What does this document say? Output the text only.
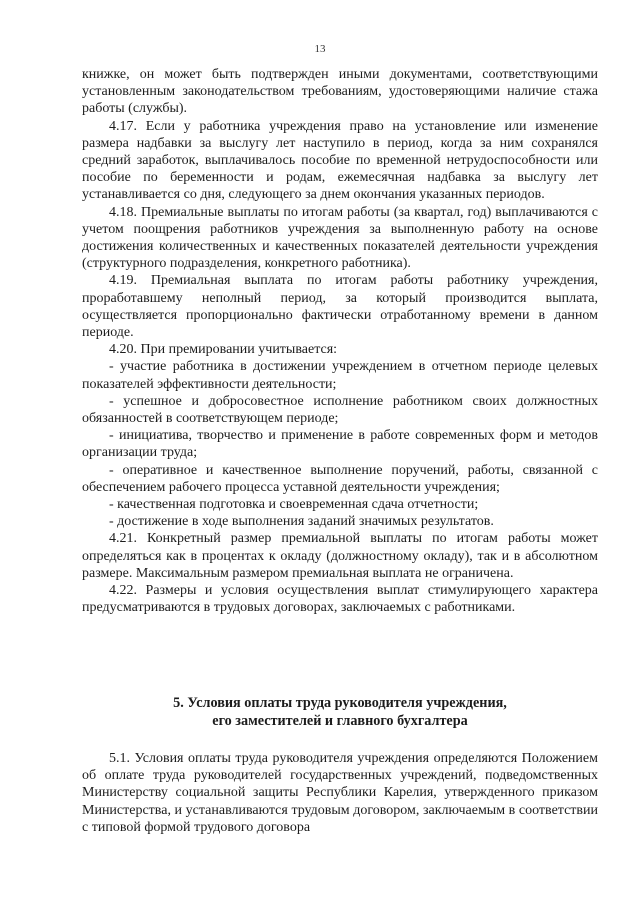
13

книжке, он может быть подтвержден иными документами, соответствующими установленным законодательством требованиям, удостоверяющими наличие стажа работы (службы).

4.17. Если у работника учреждения право на установление или изменение размера надбавки за выслугу лет наступило в период, когда за ним сохранялся средний заработок, выплачивалось пособие по временной нетрудоспособности или пособие по беременности и родам, ежемесячная надбавка за выслугу лет устанавливается со дня, следующего за днем окончания указанных периодов.

4.18. Премиальные выплаты по итогам работы (за квартал, год) выплачиваются с учетом поощрения работников учреждения за выполненную работу на основе достижения количественных и качественных показателей деятельности учреждения (структурного подразделения, конкретного работника).

4.19. Премиальная выплата по итогам работы работнику учреждения, проработавшему неполный период, за который производится выплата, осуществляется пропорционально фактически отработанному времени в данном периоде.

4.20. При премировании учитывается:

- участие работника в достижении учреждением в отчетном периоде целевых показателей эффективности деятельности;

- успешное и добросовестное исполнение работником своих должностных обязанностей в соответствующем периоде;

- инициатива, творчество и применение в работе современных форм и методов организации труда;

- оперативное и качественное выполнение поручений, работы, связанной с обеспечением рабочего процесса уставной деятельности учреждения;

- качественная подготовка и своевременная сдача отчетности;

- достижение в ходе выполнения заданий значимых результатов.

4.21. Конкретный размер премиальной выплаты по итогам работы может определяться как в процентах к окладу (должностному окладу), так и в абсолютном размере. Максимальным размером премиальная выплата не ограничена.

4.22. Размеры и условия осуществления выплат стимулирующего характера предусматриваются в трудовых договорах, заключаемых с работниками.

5. Условия оплаты труда руководителя учреждения,
его заместителей и главного бухгалтера

5.1. Условия оплаты труда руководителя учреждения определяются Положением об оплате труда руководителей государственных учреждений, подведомственных Министерству социальной защиты Республики Карелия, утвержденного приказом Министерства, и устанавливаются трудовым договором, заключаемым в соответствии с типовой формой трудового договора
